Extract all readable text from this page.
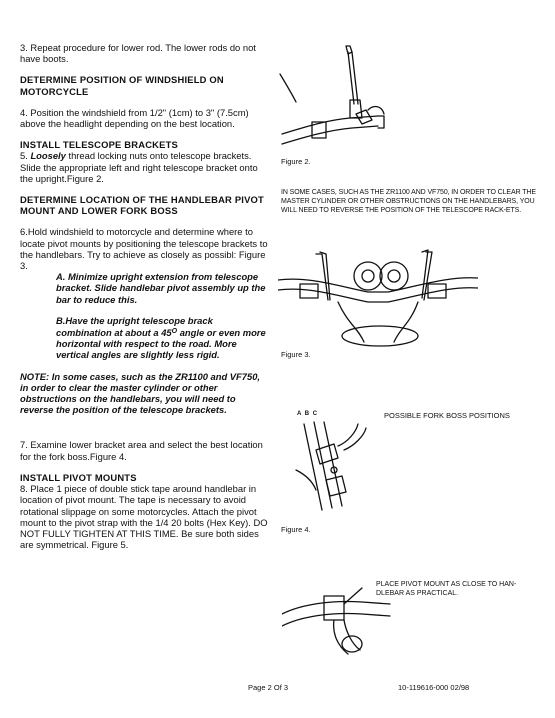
3. Repeat procedure for lower rod. The lower rods do not have boots.

DETERMINE POSITION OF WINDSHIELD ON MOTORCYCLE

4. Position the windshield from 1/2" (1cm) to 3" (7.5cm) above the headlight depending on the best location.

INSTALL TELESCOPE BRACKETS

5. Loosely thread locking nuts onto telescope brackets. Slide the appropriate left and right telescope bracket onto the upright.Figure 2.

DETERMINE LOCATION OF THE HANDLEBAR PIVOT MOUNT AND LOWER FORK BOSS

6.Hold windshield to motorcycle and determine where to locate pivot mounts by positioning the telescope brackets to the handlebars. Try to achieve as closely as possibl: Figure 3.

A. Minimize upright extension from telescope bracket. Slide handlebar pivot assembly up the bar to reduce this.

B.Have the upright telescope brack combination at about a $45^O$ angle or even more horizontal with respect to the road. More vertical angles are slightly less rigid.

NOTE: In some cases, such as the ZR1100 and VF750, in order to clear the master cylinder or other obstructions on the handlebars, you will need to reverse the position of the telescope brackets.

7. Examine lower bracket area and select the best location for the fork boss.Figure 4.

INSTALL PIVOT MOUNTS

8. Place 1 piece of double stick tape around handlebar in location of pivot mount. The tape is necessary to avoid rotational slippage on some motorcycles. Attach the pivot mount to the pivot strap with the 1/4 20 bolts (Hex Key). DO NOT FULLY TIGHTEN AT THIS TIME. Be sure both sides are symmetrical. Figure 5.

Figure 2.
IN SOME CASES, SUCH AS THE ZR1100 AND VF750, IN ORDER TO CLEAR THE MASTER CYLINDER OR OTHER OBSTRUCTIONS ON THE HANDLEBARS, YOU WILL NEED TO REVERSE THE POSITION OF THE TELESCOPE RACK-ETS.
Figure 3.
A B C	POSSIBLE FORK BOSS POSITIONS
Figure 4.
PLACE PIVOT MOUNT AS CLOSE TO HAN-DLEBAR AS PRACTICAL.
Page 2 Of 3	10-119616-000 02/98
